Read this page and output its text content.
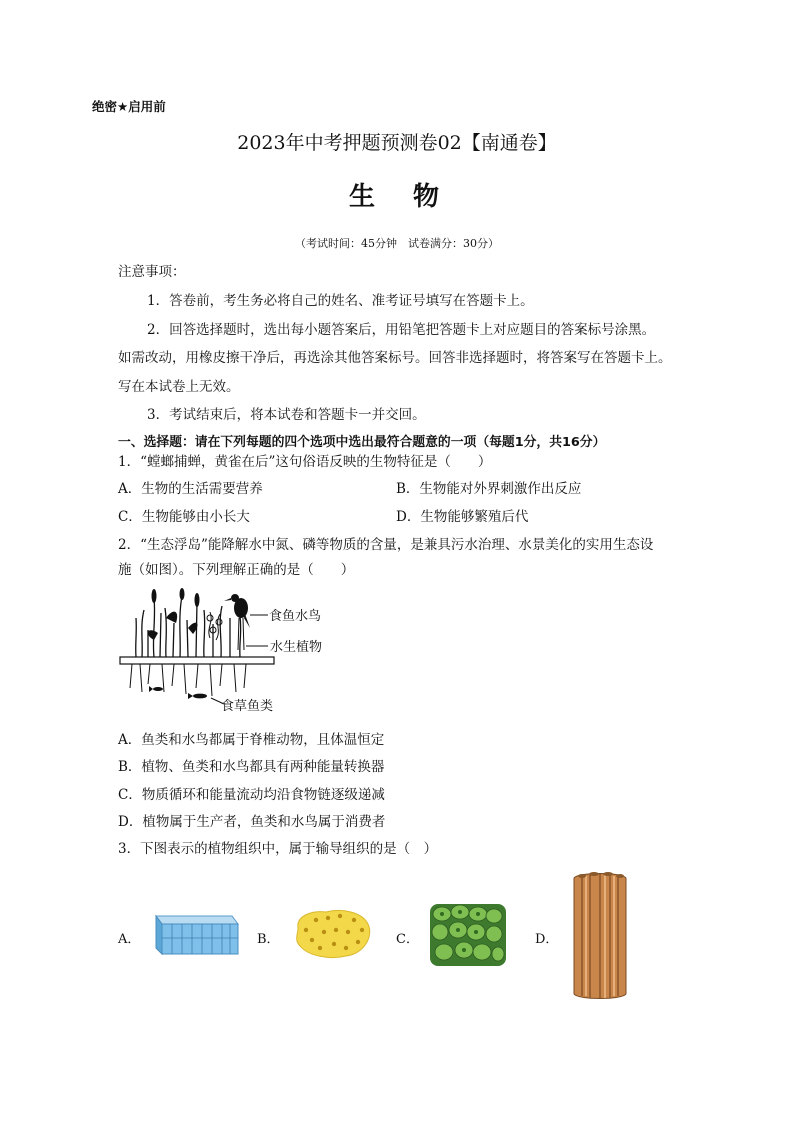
绝密★启用前
2023年中考押题预测卷02【南通卷】
生　物
（考试时间：45分钟　试卷满分：30分）
注意事项：
1．答卷前，考生务必将自己的姓名、准考证号填写在答题卡上。
2．回答选择题时，选出每小题答案后，用铅笔把答题卡上对应题目的答案标号涂黑。
如需改动，用橡皮擦干净后，再选涂其他答案标号。回答非选择题时，将答案写在答题卡上。
写在本试卷上无效。
3．考试结束后，将本试卷和答题卡一并交回。
一、选择题：请在下列每题的四个选项中选出最符合题意的一项（每题1分，共16分）
1．“螳螂捕蝉，黄雀在后”这句俗语反映的生物特征是（　　）
A．生物的生活需要营养	B．生物能对外界刺激作出反应
C．生物能够由小长大	D．生物能够繁殖后代
2．“生态浮岛”能降解水中氮、磷等物质的含量，是兼具污水治理、水景美化的实用生态设
施（如图）。下列理解正确的是（　　）
食鱼水鸟
水生植物
食草鱼类
A．鱼类和水鸟都属于脊椎动物，且体温恒定
B．植物、鱼类和水鸟都具有两种能量转换器
C．物质循环和能量流动均沿食物链逐级递减
D．植物属于生产者，鱼类和水鸟属于消费者
3．下图表示的植物组织中，属于输导组织的是（　）
A．	B．	C．	D．
